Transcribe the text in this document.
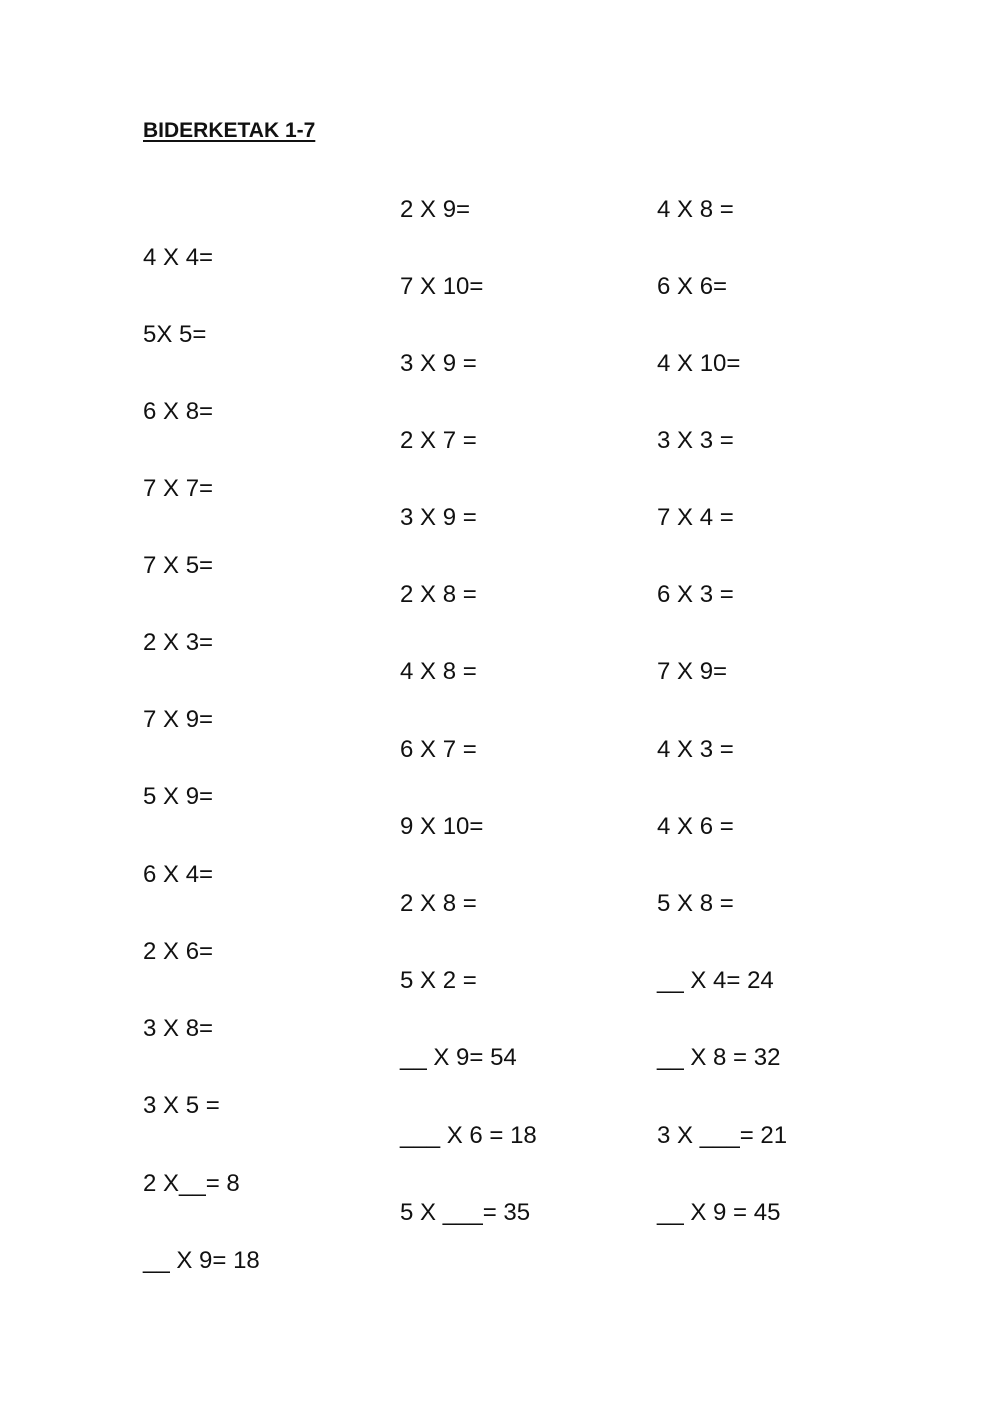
BIDERKETAK 1-7
4 X 4=
5X 5=
6 X 8=
7 X 7=
7 X 5=
2 X 3=
7 X 9=
5 X 9=
6 X 4=
2 X 6=
3 X 8=
3 X 5 =
2 X__= 8
__ X 9= 18
2 X 9=
7 X 10=
3 X 9 =
2 X 7 =
3 X 9 =
2 X 8 =
4 X 8 =
6 X 7 =
9 X 10=
2 X 8 =
5 X 2 =
__ X 9= 54
___ X 6 = 18
5 X ___= 35
4 X 8 =
6 X 6=
4 X 10=
3 X 3 =
7 X 4 =
6 X 3 =
7 X 9=
4 X 3 =
4 X 6 =
5 X 8 =
__ X 4= 24
__ X 8 = 32
3 X ___= 21
__ X 9 = 45
